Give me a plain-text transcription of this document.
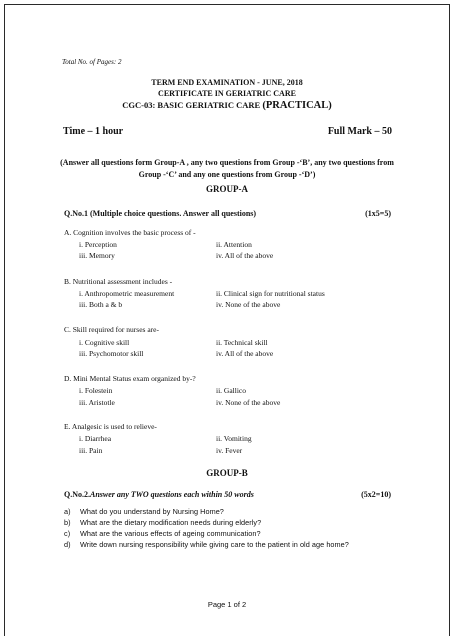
Total No. of Pages: 2
TERM END EXAMINATION - JUNE, 2018
CERTIFICATE IN GERIATRIC CARE
CGC-03: BASIC GERIATRIC CARE (PRACTICAL)
Time – 1 hour	Full Mark – 50
(Answer all questions form Group-A , any two questions from Group -‘B’, any two questions from Group -‘C’ and any one questions from Group -‘D’)
GROUP-A
Q.No.1 (Multiple choice questions. Answer all questions)	(1x5=5)
A. Cognition involves the basic process of -
i. Perception	ii. Attention
iii. Memory	iv. All of the above
B. Nutritional assessment includes -
i. Anthropometric measurement	ii. Clinical sign for nutritional status
iii. Both a & b	iv. None of the above
C. Skill required for nurses are-
i. Cognitive skill	ii. Technical skill
iii. Psychomotor skill	iv. All of the above
D. Mini Mental Status exam organized by-?
i. Folestein	ii. Gallico
iii. Aristotle	iv. None of the above
E. Analgesic is used to relieve-
i. Diarrhea	ii. Vomiting
iii. Pain	iv. Fever
GROUP-B
Q.No.2.Answer any TWO questions each within 50 words	(5x2=10)
a) What do you understand by Nursing Home?
b) What are the dietary modification needs during elderly?
c) What are the various effects of ageing communication?
d) Write down nursing responsibility while giving care to the patient in old age home?
Page 1 of 2
